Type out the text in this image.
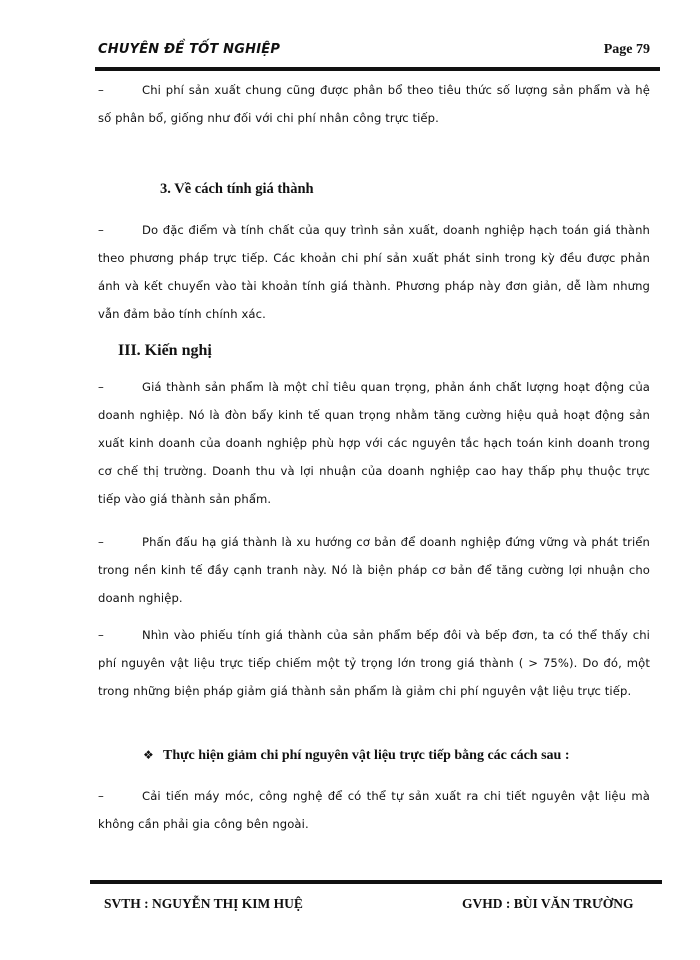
CHUYÊN ĐỀ TỐT NGHIỆP	Page 79
–	Chi phí sản xuất chung cũng được phân bổ theo tiêu thức số lượng sản phẩm và hệ số phân bổ, giống như đối với chi phí nhân công trực tiếp.
3. Về cách tính giá thành
–	Do đặc điểm và tính chất của quy trình sản xuất, doanh nghiệp hạch toán giá thành theo phương pháp trực tiếp. Các khoản chi phí sản xuất phát sinh trong kỳ đều được phản ánh và kết chuyển vào tài khoản tính giá thành. Phương pháp này đơn giản, dễ làm nhưng vẫn đảm bảo tính chính xác.
III. Kiến nghị
–	Giá thành sản phẩm là một chỉ tiêu quan trọng, phản ánh chất lượng hoạt động của doanh nghiệp. Nó là đòn bẩy kinh tế quan trọng nhằm tăng cường hiệu quả hoạt động sản xuất kinh doanh của doanh nghiệp phù hợp với các nguyên tắc hạch toán kinh doanh trong cơ chế thị trường. Doanh thu và lợi nhuận của doanh nghiệp cao hay thấp phụ thuộc trực tiếp vào giá thành sản phẩm.
–	Phấn đấu hạ giá thành là xu hướng cơ bản để doanh nghiệp đứng vững và phát triển trong nền kinh tế đầy cạnh tranh này. Nó là biện pháp cơ bản để tăng cường lợi nhuận cho doanh nghiệp.
–	Nhìn vào phiếu tính giá thành của sản phẩm bếp đôi và bếp đơn, ta có thể thấy chi phí nguyên vật liệu trực tiếp chiếm một tỷ trọng lớn trong giá thành ( > 75%). Do đó, một trong những biện pháp giảm giá thành sản phẩm là giảm chi phí nguyên vật liệu trực tiếp.
❖ Thực hiện giảm chi phí nguyên vật liệu trực tiếp bằng các cách sau :
–	Cải tiến máy móc, công nghệ để có thể tự sản xuất ra chi tiết nguyên vật liệu mà không cần phải gia công bên ngoài.
SVTH : NGUYỄN THỊ KIM HUỆ	GVHD : BÙI VĂN TRƯỜNG
